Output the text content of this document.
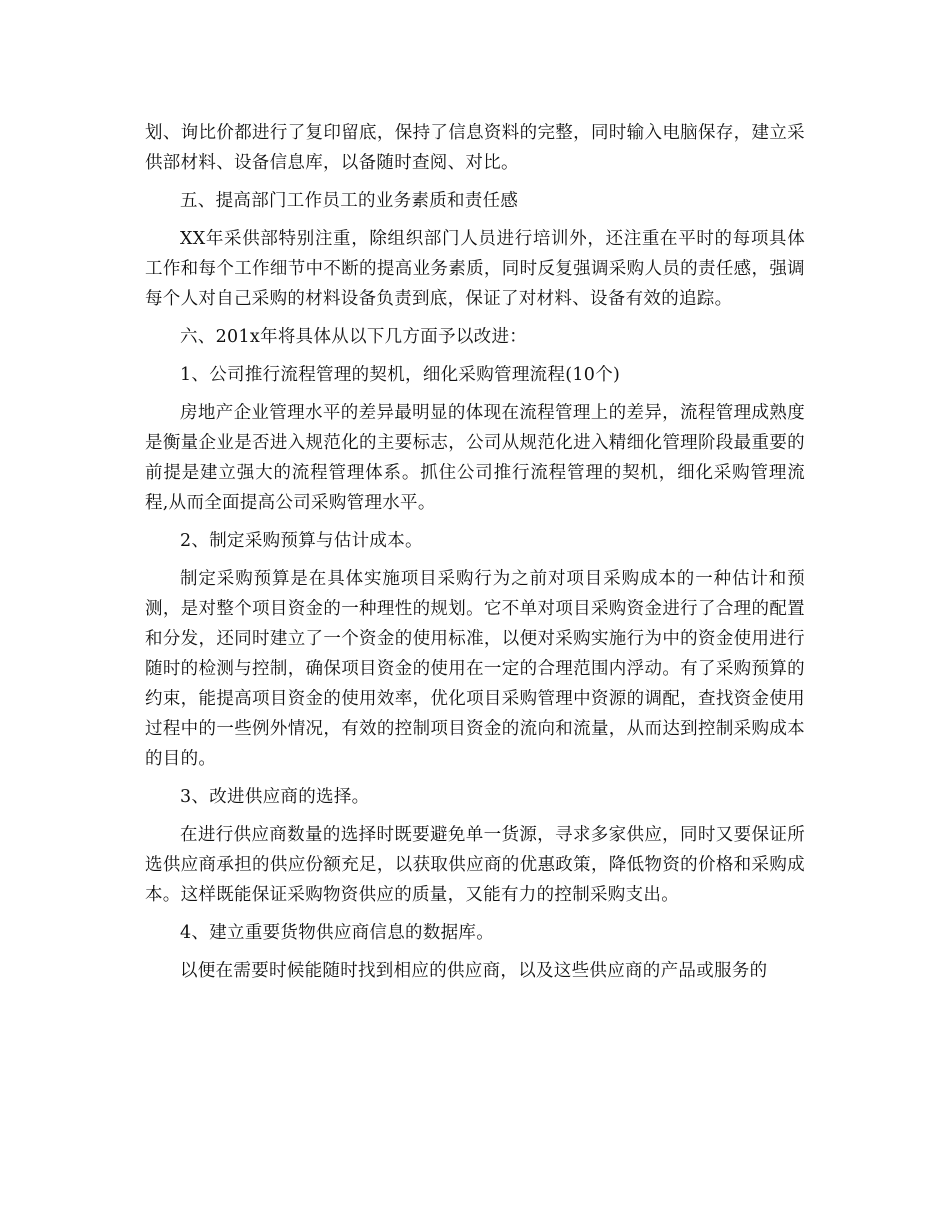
划、询比价都进行了复印留底，保持了信息资料的完整，同时输入电脑保存，建立采供部材料、设备信息库，以备随时查阅、对比。

五、提高部门工作员工的业务素质和责任感

XX年采供部特别注重，除组织部门人员进行培训外，还注重在平时的每项具体工作和每个工作细节中不断的提高业务素质，同时反复强调采购人员的责任感，强调每个人对自己采购的材料设备负责到底，保证了对材料、设备有效的追踪。

六、201x年将具体从以下几方面予以改进：

1、公司推行流程管理的契机，细化采购管理流程(10个)

房地产企业管理水平的差异最明显的体现在流程管理上的差异，流程管理成熟度是衡量企业是否进入规范化的主要标志，公司从规范化进入精细化管理阶段最重要的前提是建立强大的流程管理体系。抓住公司推行流程管理的契机，细化采购管理流程,从而全面提高公司采购管理水平。

2、制定采购预算与估计成本。

制定采购预算是在具体实施项目采购行为之前对项目采购成本的一种估计和预测，是对整个项目资金的一种理性的规划。它不单对项目采购资金进行了合理的配置和分发，还同时建立了一个资金的使用标准，以便对采购实施行为中的资金使用进行随时的检测与控制，确保项目资金的使用在一定的合理范围内浮动。有了采购预算的约束，能提高项目资金的使用效率，优化项目采购管理中资源的调配，查找资金使用过程中的一些例外情况，有效的控制项目资金的流向和流量，从而达到控制采购成本的目的。

3、改进供应商的选择。

在进行供应商数量的选择时既要避免单一货源，寻求多家供应，同时又要保证所选供应商承担的供应份额充足，以获取供应商的优惠政策，降低物资的价格和采购成本。这样既能保证采购物资供应的质量，又能有力的控制采购支出。

4、建立重要货物供应商信息的数据库。

以便在需要时候能随时找到相应的供应商，以及这些供应商的产品或服务的
